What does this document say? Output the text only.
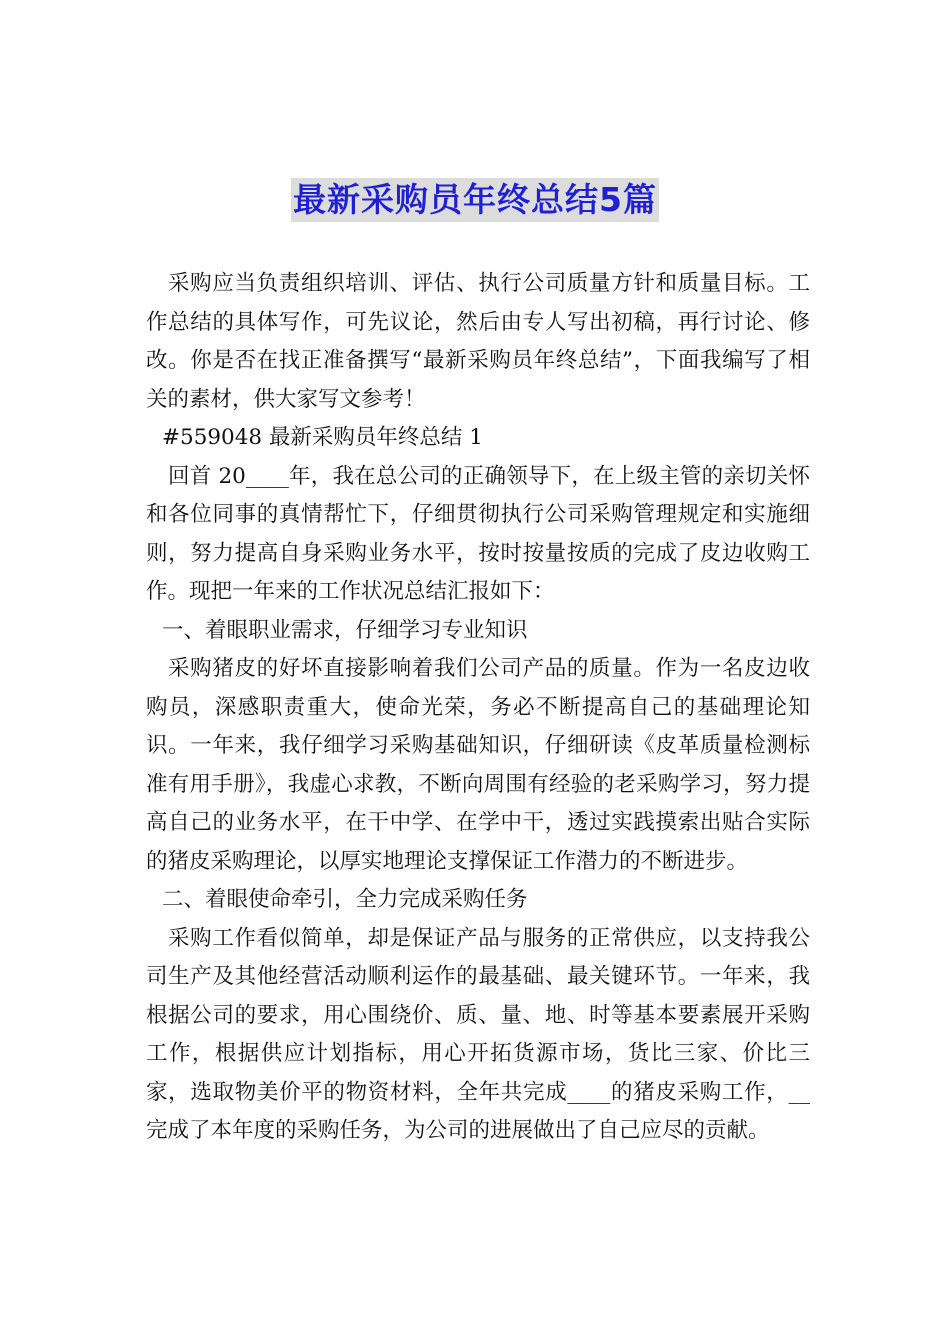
最新采购员年终总结5篇

采购应当负责组织培训、评估、执行公司质量方针和质量目标。工作总结的具体写作，可先议论，然后由专人写出初稿，再行讨论、修改。你是否在找正准备撰写“最新采购员年终总结”，下面我编写了相关的素材，供大家写文参考！

#559048 最新采购员年终总结 1

回首 20____年，我在总公司的正确领导下，在上级主管的亲切关怀和各位同事的真情帮忙下，仔细贯彻执行公司采购管理规定和实施细则，努力提高自身采购业务水平，按时按量按质的完成了皮边收购工作。现把一年来的工作状况总结汇报如下：

一、着眼职业需求，仔细学习专业知识

采购猪皮的好坏直接影响着我们公司产品的质量。作为一名皮边收购员，深感职责重大，使命光荣，务必不断提高自己的基础理论知识。一年来，我仔细学习采购基础知识，仔细研读《皮革质量检测标准有用手册》，我虚心求教，不断向周围有经验的老采购学习，努力提高自己的业务水平，在干中学、在学中干，透过实践摸索出贴合实际的猪皮采购理论，以厚实地理论支撑保证工作潜力的不断进步。

二、着眼使命牵引，全力完成采购任务

采购工作看似简单，却是保证产品与服务的正常供应，以支持我公司生产及其他经营活动顺利运作的最基础、最关键环节。一年来，我根据公司的要求，用心围绕价、质、量、地、时等基本要素展开采购工作，根据供应计划指标，用心开拓货源市场，货比三家、价比三家，选取物美价平的物资材料，全年共完成____的猪皮采购工作，__完成了本年度的采购任务，为公司的进展做出了自己应尽的贡献。
